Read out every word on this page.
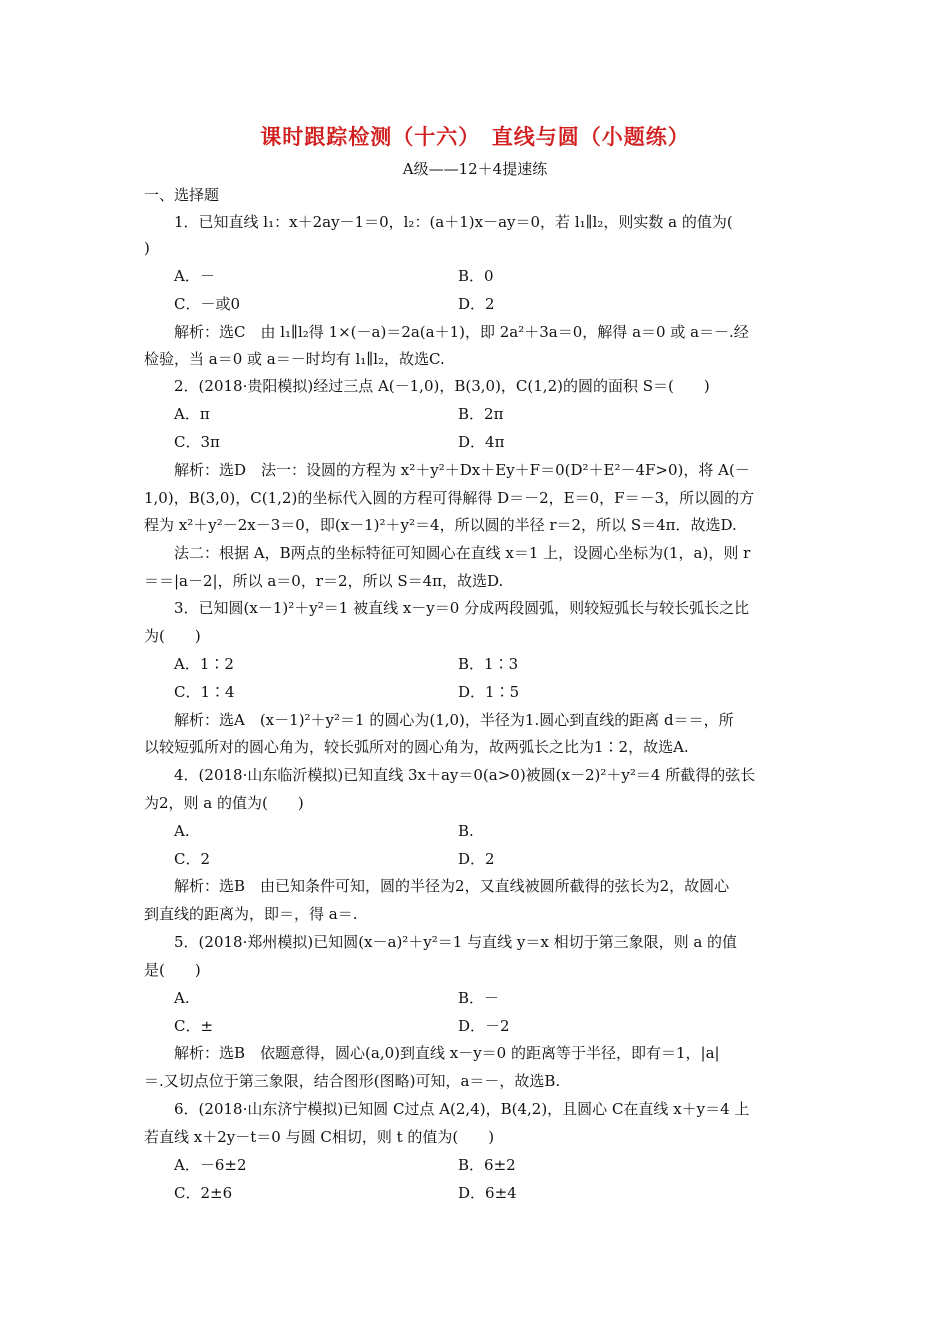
课时跟踪检测（十六）　直线与圆（小题练）
A级——12＋4提速练
一、选择题
1．已知直线 l₁：x＋2ay－1＝0，l₂：(a＋1)x－ay＝0，若 l₁∥l₂，则实数 a 的值为(
)
A．－	B．0
C．－或0	D．2
解析：选C　由 l₁∥l₂得 1×(－a)＝2a(a＋1)，即 2a²＋3a＝0，解得 a＝0 或 a＝－.经
检验，当 a＝0 或 a＝－时均有 l₁∥l₂，故选C.
2．(2018·贵阳模拟)经过三点 A(－1,0)，B(3,0)，C(1,2)的圆的面积 S＝(　　)
A．π	B．2π
C．3π	D．4π
解析：选D　法一：设圆的方程为 x²＋y²＋Dx＋Ey＋F＝0(D²＋E²－4F>0)，将 A(－
1,0)，B(3,0)，C(1,2)的坐标代入圆的方程可得解得 D＝－2，E＝0，F＝－3，所以圆的方
程为 x²＋y²－2x－3＝0，即(x－1)²＋y²＝4，所以圆的半径 r＝2，所以 S＝4π．故选D.
法二：根据 A，B两点的坐标特征可知圆心在直线 x＝1 上，设圆心坐标为(1，a)，则 r
＝＝|a－2|，所以 a＝0，r＝2，所以 S＝4π，故选D.
3．已知圆(x－1)²＋y²＝1 被直线 x－y＝0 分成两段圆弧，则较短弧长与较长弧长之比
为(　　)
A．1∶2	B．1∶3
C．1∶4	D．1∶5
解析：选A　(x－1)²＋y²＝1 的圆心为(1,0)，半径为1.圆心到直线的距离 d＝＝，所
以较短弧所对的圆心角为，较长弧所对的圆心角为，故两弧长之比为1∶2，故选A.
4．(2018·山东临沂模拟)已知直线 3x＋ay＝0(a>0)被圆(x－2)²＋y²＝4 所截得的弦长
为2，则 a 的值为(　　)
A.	B.
C．2	D．2
解析：选B　由已知条件可知，圆的半径为2，又直线被圆所截得的弦长为2，故圆心
到直线的距离为，即＝，得 a＝.
5．(2018·郑州模拟)已知圆(x－a)²＋y²＝1 与直线 y＝x 相切于第三象限，则 a 的值
是(　　)
A.	B．－
C．±	D．－2
解析：选B　依题意得，圆心(a,0)到直线 x－y＝0 的距离等于半径，即有＝1，|a|
＝.又切点位于第三象限，结合图形(图略)可知，a＝－，故选B.
6．(2018·山东济宁模拟)已知圆 C过点 A(2,4)，B(4,2)，且圆心 C在直线 x＋y＝4 上
若直线 x＋2y－t＝0 与圆 C相切，则 t 的值为(　　)
A．－6±2	B．6±2
C．2±6	D．6±4
